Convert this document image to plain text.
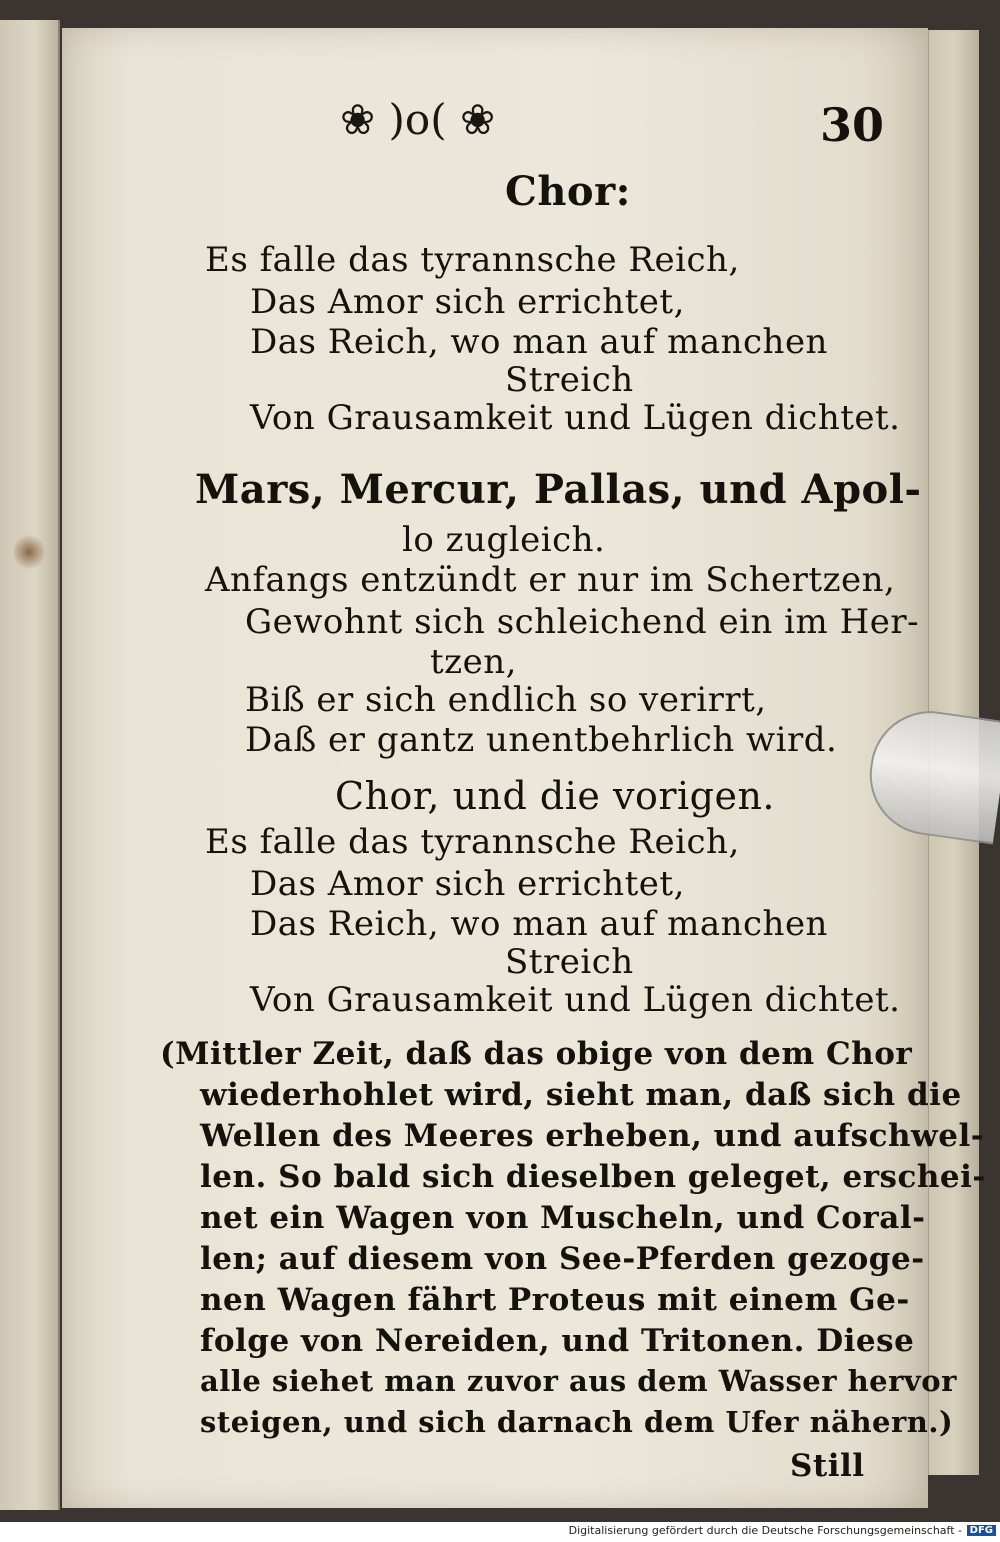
❀ )o( ❀	30
Chor:
Es falle das tyrannsche Reich,
Das Amor sich errichtet,
Das Reich, wo man auf manchen
Streich
Von Grausamkeit und Lügen dichtet.
Mars, Mercur, Pallas, und Apol-
lo zugleich.
Anfangs entzündt er nur im Schertzen,
Gewohnt sich schleichend ein im Her-
tzen,
Biß er sich endlich so verirrt,
Daß er gantz unentbehrlich wird.
Chor, und die vorigen.
Es falle das tyrannsche Reich,
Das Amor sich errichtet,
Das Reich, wo man auf manchen
Streich
Von Grausamkeit und Lügen dichtet.
(Mittler Zeit, daß das obige von dem Chor
wiederhohlet wird, sieht man, daß sich die
Wellen des Meeres erheben, und aufschwel-
len. So bald sich dieselben geleget, erschei-
net ein Wagen von Muscheln, und Coral-
len; auf diesem von See-Pferden gezoge-
nen Wagen fährt Proteus mit einem Ge-
folge von Nereiden, und Tritonen. Diese
alle siehet man zuvor aus dem Wasser hervor
steigen, und sich darnach dem Ufer nähern.)
Still
Digitalisierung gefördert durch die Deutsche Forschungsgemeinschaft - DFG
